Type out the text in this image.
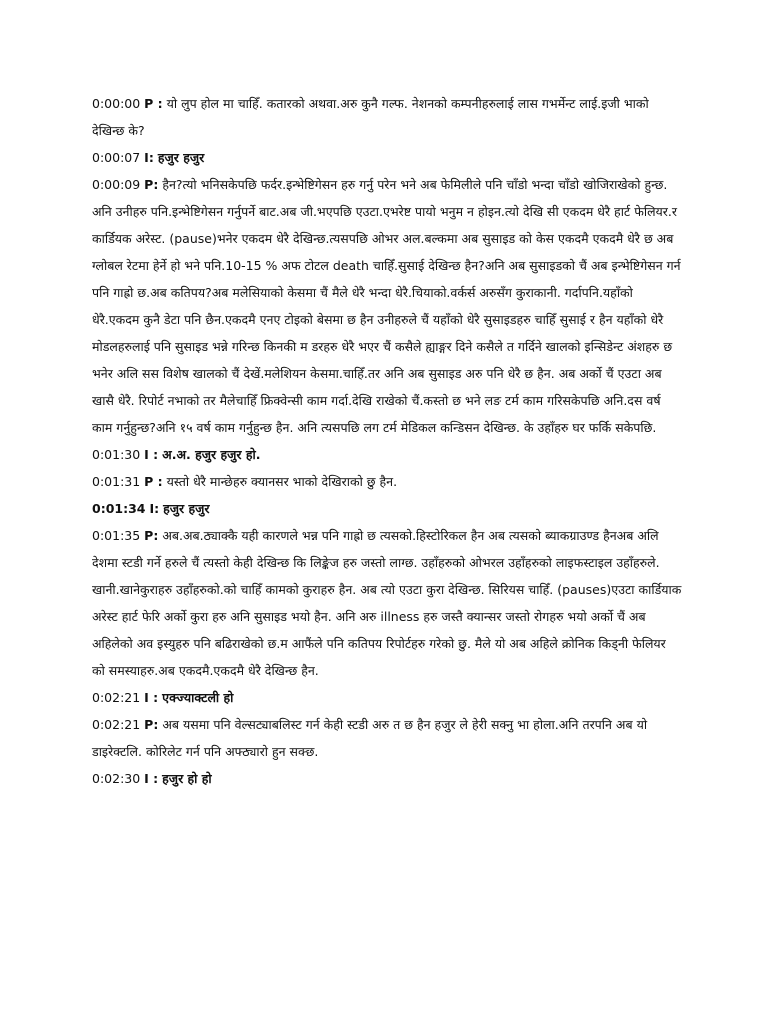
0:00:00 P : यो लुप होल मा चाहिँ. कतारको अथवा.अरु कुनै गल्फ. नेशनको कम्पनीहरुलाई लास गभर्मेन्ट लाई.इजी भाको देखिन्छ के?

0:00:07 I: हजुर हजुर

0:00:09 P: हैन?त्यो भनिसकेपछि फर्दर.इन्भेष्टिगेसन हरु गर्नु परेन भने अब फेमिलीले पनि चाँडो भन्दा चाँडो खोजिराखेको हुन्छ. अनि उनीहरु पनि.इन्भेष्टिगेसन गर्नुपर्ने बाट.अब जी.भएपछि एउटा.एभरेष्ट पायो भनुम न होइन.त्यो देखि सी एकदम धेरै हार्ट फेलियर.र कार्डियक अरेस्ट. (pause)भनेर एकदम धेरै देखिन्छ.त्यसपछि ओभर अल.बल्कमा अब सुसाइड को केस एकदमै एकदमै धेरै छ अब ग्लोबल रेटमा हेर्ने हो भने पनि.10-15 % अफ टोटल death चाहिँ.सुसाई देखिन्छ हैन?अनि अब सुसाइडको चैं अब इन्भेष्टिगेसन गर्न पनि गाह्रो छ.अब कतिपय?अब मलेसियाको केसमा चैं मैले धेरै भन्दा धेरै.चियाको.वर्कर्स अरुसँग कुराकानी. गर्दापनि.यहाँको धेरै.एकदम कुनै डेटा पनि छैन.एकदमै एनए टोइको बेसमा छ हैन उनीहरुले चैं यहाँको धेरै सुसाइडहरु चाहिँ सुसाई र हैन यहाँको धेरै मोडलहरुलाई पनि सुसाइड भन्ने गरिन्छ किनकी म डरहरु धेरै भएर चैं कसैले ह्याङ्गर दिने कसैले त गर्दिने खालको इन्सिडेन्ट अंशहरु छ भनेर अलि सस विशेष खालको चैं देखें.मलेशियन केसमा.चाहिँ.तर अनि अब सुसाइड अरु पनि धेरै छ हैन. अब अर्को चैं एउटा अब खासै धेरै. रिपोर्ट नभाको तर मैलेचाहिँ फ्रिक्वेन्सी काम गर्दा.देखि राखेको चैं.कस्तो छ भने लङ टर्म काम गरिसकेपछि अनि.दस वर्ष काम गर्नुहुन्छ?अनि १५ वर्ष काम गर्नुहुन्छ हैन. अनि त्यसपछि लग टर्म मेडिकल कन्डिसन देखिन्छ. के उहाँहरु घर फर्कि सकेपछि.

0:01:30 I : अ.अ. हजुर हजुर हो.

0:01:31 P : यस्तो धेरै मान्छेहरु क्यानसर भाको देखिराको छु हैन.

0:01:34 I: हजुर हजुर

0:01:35 P: अब.अब.ठ्याक्कै यही कारणले भन्न पनि गाह्रो छ त्यसको.हिस्टोरिकल हैन अब त्यसको ब्याकग्राउण्ड हैनअब अलि देशमा स्टडी गर्ने हरुले चैं त्यस्तो केही देखिन्छ कि लिङ्केज हरु जस्तो लाग्छ. उहाँहरुको ओभरल उहाँहरुको लाइफस्टाइल उहाँहरुले. खानी.खानेकुराहरु उहाँहरुको.को चाहिँ कामको कुराहरु हैन. अब त्यो एउटा कुरा देखिन्छ. सिरियस चाहिँ. (pauses)एउटा कार्डियाक अरेस्ट हार्ट फेरि अर्को कुरा हरु अनि सुसाइड भयो हैन. अनि अरु illness हरु जस्तै क्यान्सर जस्तो रोगहरु भयो अर्को चैं अब अहिलेको अव इस्युहरु पनि बढिराखेको छ.म आफैंले पनि कतिपय रिपोर्टहरु गरेको छु. मैले यो अब अहिले क्रोनिक किड्नी फेलियर को समस्याहरु.अब एकदमै.एकदमै धेरै देखिन्छ हैन.

0:02:21 I : एक्ज्याक्टली हो

0:02:21 P: अब यसमा पनि वेल्सट्याबलिस्ट गर्न केही स्टडी अरु त छ हैन हजुर ले हेरी सक्नु भा होला.अनि तरपनि अब यो डाइरेक्टलि. कोरिलेट गर्न पनि अफ्ठ्यारो हुन सक्छ.

0:02:30 I : हजुर हो हो
